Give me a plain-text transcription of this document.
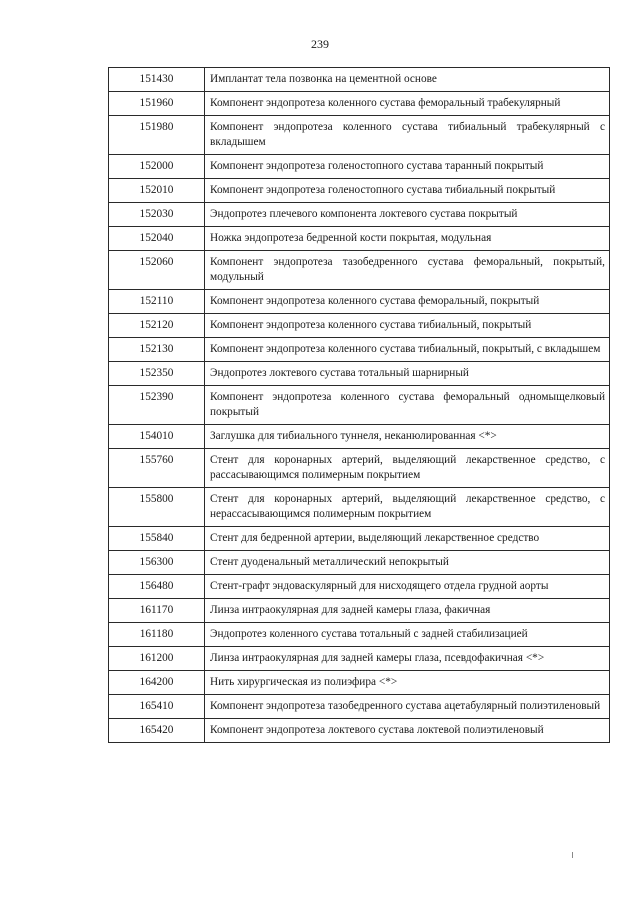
239
151430	Имплантат тела позвонка на цементной основе
151960	Компонент эндопротеза коленного сустава феморальный трабекулярный
151980	Компонент эндопротеза коленного сустава тибиальный трабекулярный с вкладышем
152000	Компонент эндопротеза голеностопного сустава таранный покрытый
152010	Компонент эндопротеза голеностопного сустава тибиальный покрытый
152030	Эндопротез плечевого компонента локтевого сустава покрытый
152040	Ножка эндопротеза бедренной кости покрытая, модульная
152060	Компонент эндопротеза тазобедренного сустава феморальный, покрытый, модульный
152110	Компонент эндопротеза коленного сустава феморальный, покрытый
152120	Компонент эндопротеза коленного сустава тибиальный, покрытый
152130	Компонент эндопротеза коленного сустава тибиальный, покрытый, с вкладышем
152350	Эндопротез локтевого сустава тотальный шарнирный
152390	Компонент эндопротеза коленного сустава феморальный одномыщелковый покрытый
154010	Заглушка для тибиального туннеля, неканюлированная <*>
155760	Стент для коронарных артерий, выделяющий лекарственное средство, с рассасывающимся полимерным покрытием
155800	Стент для коронарных артерий, выделяющий лекарственное средство, с нерассасывающимся полимерным покрытием
155840	Стент для бедренной артерии, выделяющий лекарственное средство
156300	Стент дуоденальный металлический непокрытый
156480	Стент-графт эндоваскулярный для нисходящего отдела грудной аорты
161170	Линза интраокулярная для задней камеры глаза, факичная
161180	Эндопротез коленного сустава тотальный с задней стабилизацией
161200	Линза интраокулярная для задней камеры глаза, псевдофакичная <*>
164200	Нить хирургическая из полиэфира <*>
165410	Компонент эндопротеза тазобедренного сустава ацетабулярный полиэтиленовый
165420	Компонент эндопротеза локтевого сустава локтевой полиэтиленовый
